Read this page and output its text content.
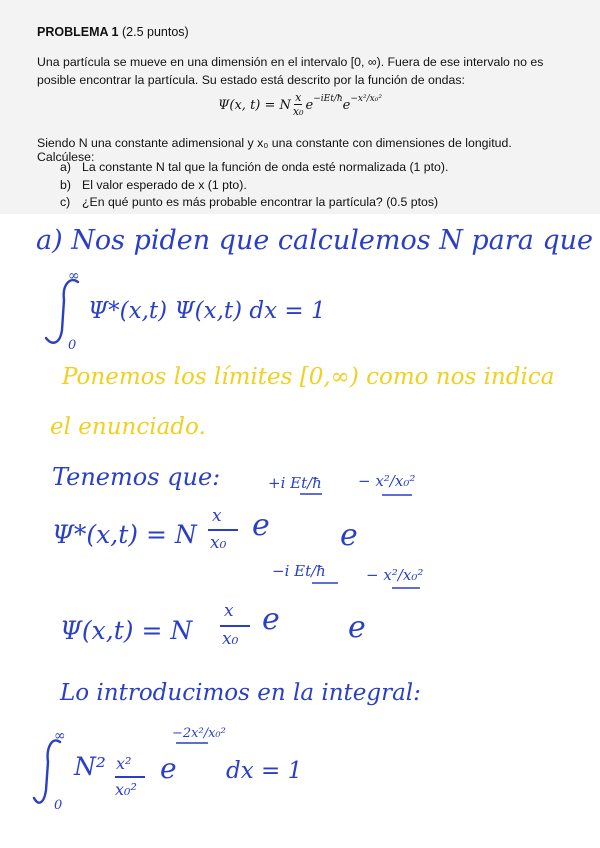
PROBLEMA 1 (2.5 puntos)
Una partícula se mueve en una dimensión en el intervalo [0, ∞). Fuera de ese intervalo no es posible encontrar la partícula. Su estado está descrito por la función de ondas:
Ψ(x, t) = N $\frac{x}{\text{x₀}}$ e −iEt/ħ e −x²/x₀²
Siendo N una constante adimensional y x₀ una constante con dimensiones de longitud. Calcúlese:
a) La constante N tal que la función de onda esté normalizada (1 pto).
b) El valor esperado de x (1 pto).
c) ¿En qué punto es más probable encontrar la partícula? (0.5 ptos)
a) Nos piden que calculemos N para que
∞
0
Ψ*(x,t) Ψ(x,t) dx = 1
Ponemos los límites [0,∞) como nos indica
el enunciado.
Tenemos que:
Ψ*(x,t) = N
x
x₀ e
+i Et/ħ
e
− x²/x₀²
Ψ(x,t) = N
x
x₀
e
−i Et/ħ
e
− x²/x₀²
Lo introducimos en la integral:
∞
0
N² x²
x₀²
e
−2x²/x₀²
dx = 1
